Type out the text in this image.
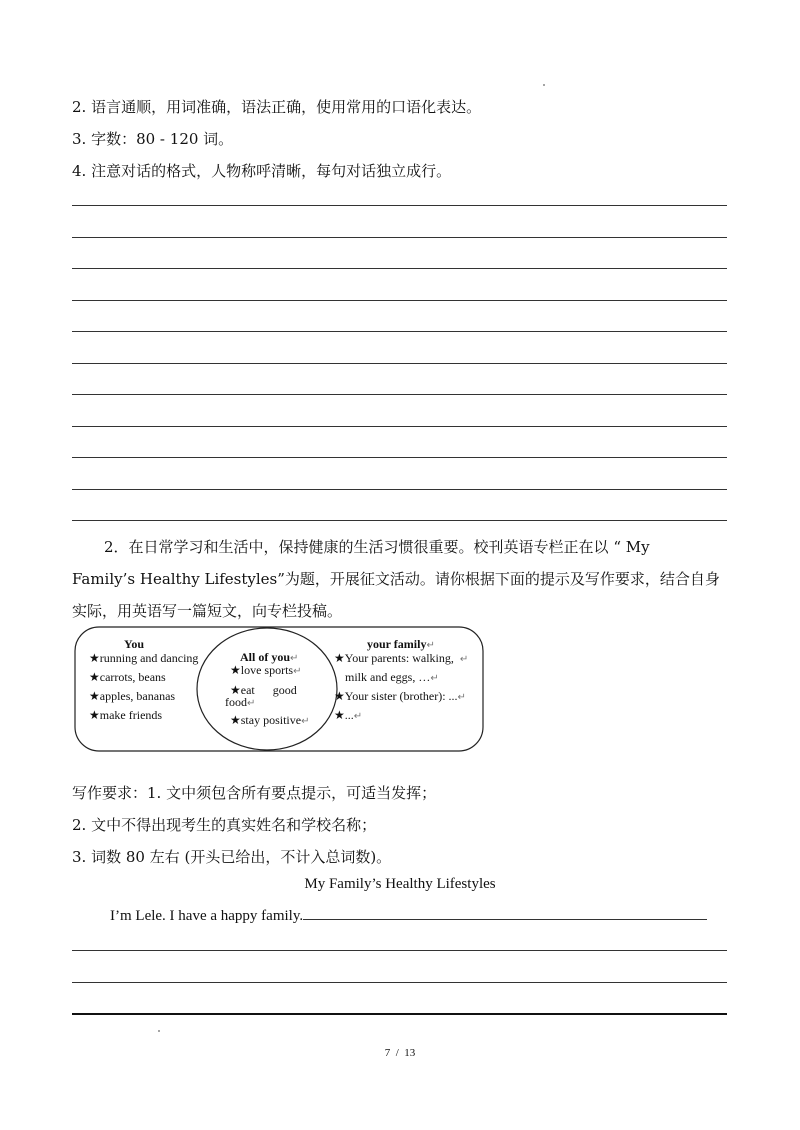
2. 语言通顺，用词准确，语法正确，使用常用的口语化表达。
3. 字数：80 - 120 词。
4. 注意对话的格式，人物称呼清晰，每句对话独立成行。
2．在日常学习和生活中，保持健康的生活习惯很重要。校刊英语专栏正在以 “ My
Family’s Healthy Lifestyles”为题，开展征文活动。请你根据下面的提示及写作要求，结合自身
实际，用英语写一篇短文，向专栏投稿。
You
★running and dancing
★carrots, beans
★apples, bananas
★make friends
All of you↵
★love sports↵
★eat      good
food↵
★stay positive↵
your family↵
★Your parents: walking, ↵
milk and eggs, …↵
★Your sister (brother): ...↵
★...↵
写作要求：1. 文中须包含所有要点提示，可适当发挥；
2. 文中不得出现考生的真实姓名和学校名称；
3. 词数 80 左右 (开头已给出，不计入总词数)。
My Family’s Healthy Lifestyles
I’m Lele. I have a happy family.
7  /  13
